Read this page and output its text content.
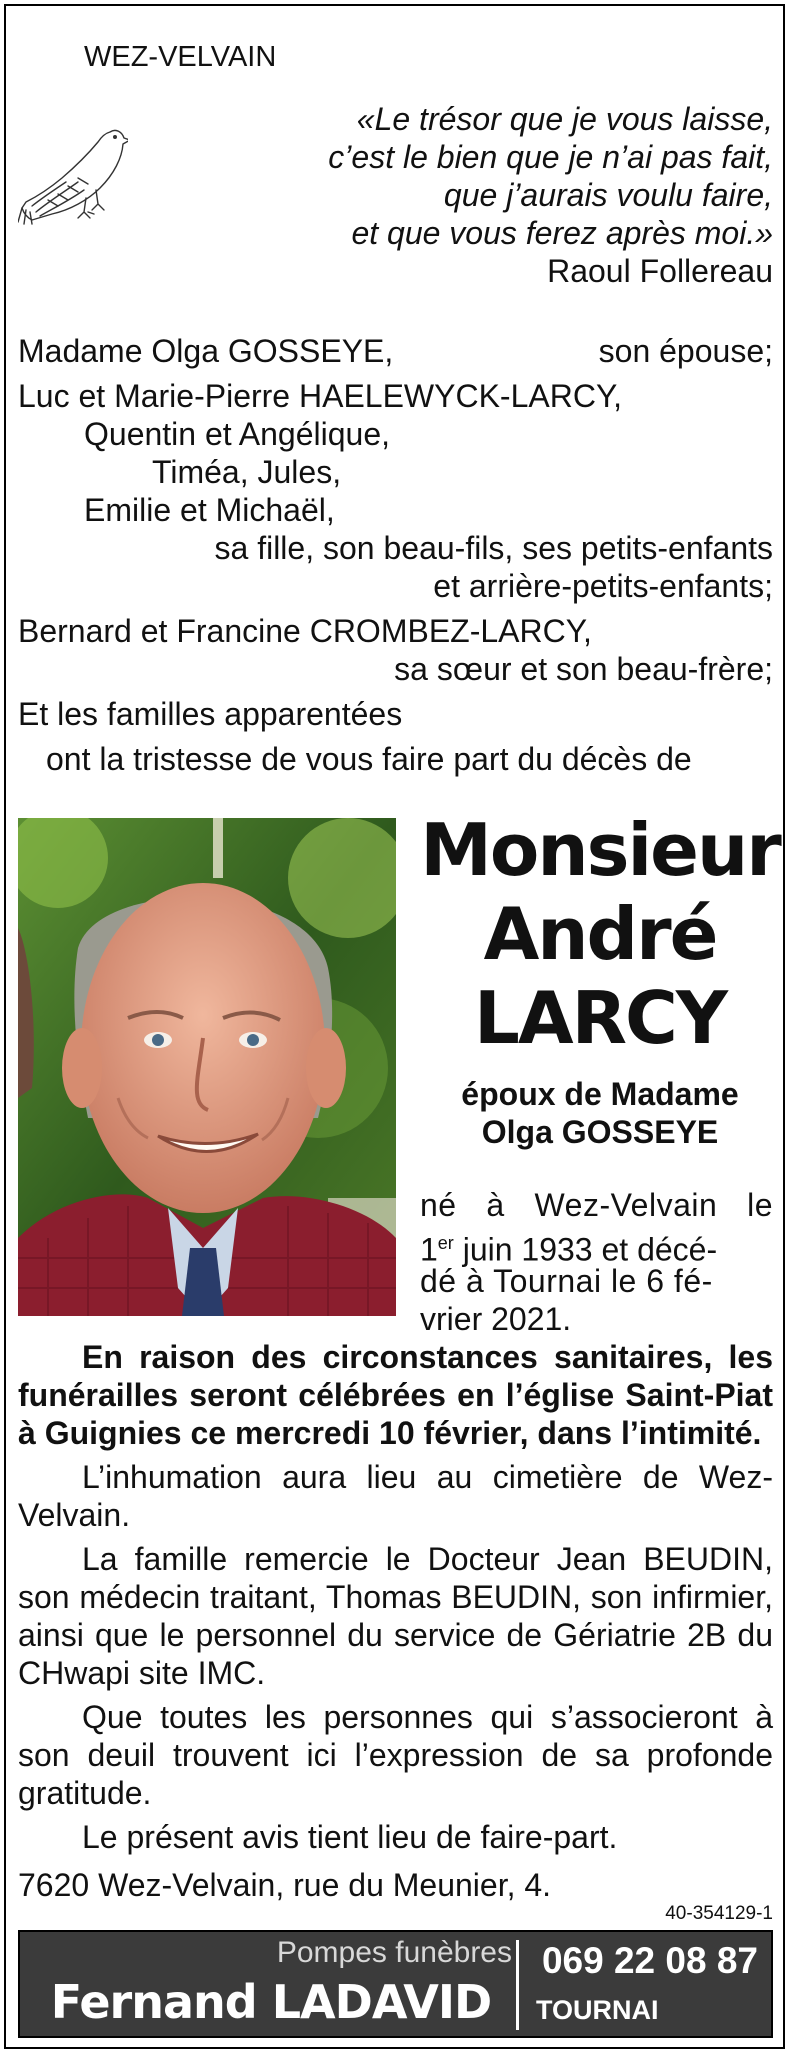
WEZ-VELVAIN
«Le trésor que je vous laisse,
c’est le bien que je n’ai pas fait,
que j’aurais voulu faire,
et que vous ferez après moi.»
Raoul Follereau
Madame Olga GOSSEYE,	son épouse;
Luc et Marie-Pierre HAELEWYCK-LARCY,
Quentin et Angélique,
Timéa, Jules,
Emilie et Michaël,
sa fille, son beau-fils, ses petits-enfants
et arrière-petits-enfants;
Bernard et Francine CROMBEZ-LARCY,
sa sœur et son beau-frère;
Et les familles apparentées
ont la tristesse de vous faire part du décès de
Monsieur
André
LARCY
époux de Madame
Olga GOSSEYE
né à Wez-Velvain le
1er juin 1933 et décé-
dé à Tournai le 6 fé-
vrier 2021.
En raison des circonstances sanitaires, les funérailles seront célébrées en l’église Saint-Piat à Guignies ce mercredi 10 février, dans l’intimité.
L’inhumation aura lieu au cimetière de Wez-Velvain.
La famille remercie le Docteur Jean BEUDIN, son médecin traitant, Thomas BEUDIN, son infirmier, ainsi que le personnel du service de Gériatrie 2B du CHwapi site IMC.
Que toutes les personnes qui s’associeront à son deuil trouvent ici l’expression de sa profonde gratitude.
Le présent avis tient lieu de faire-part.
7620 Wez-Velvain, rue du Meunier, 4.
40-354129-1
Pompes funèbres
Fernand LADAVID
069 22 08 87
TOURNAI
